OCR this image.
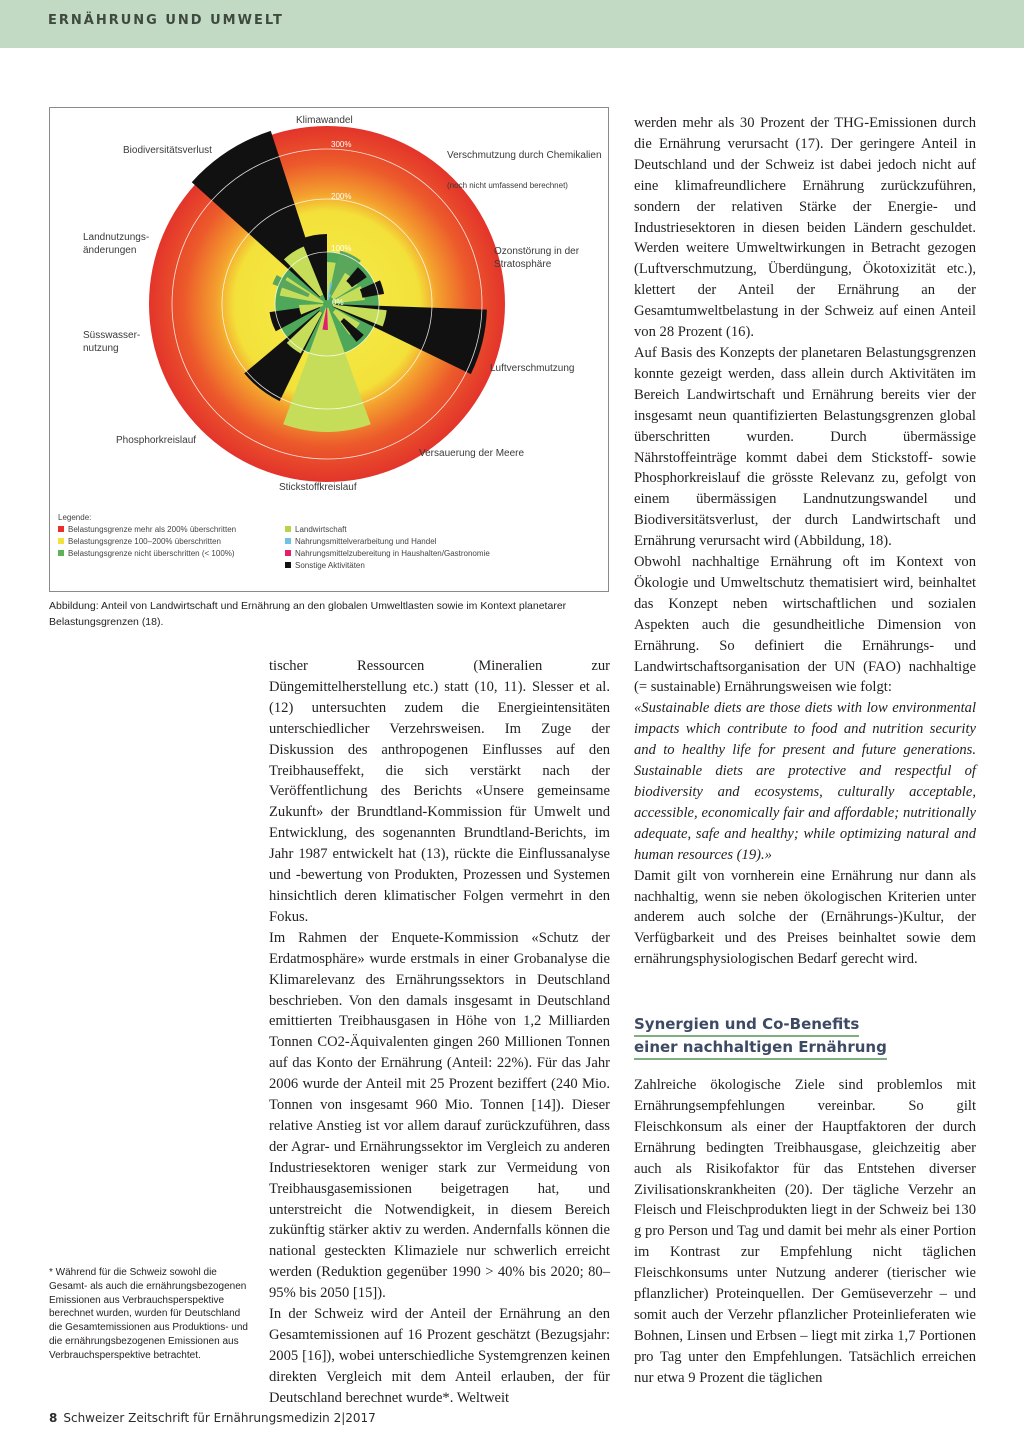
ERNÄHRUNG UND UMWELT
Klimawandel
Biodiversitätsverlust	Verschmutzung durch Chemikalien
(noch nicht umfassend berechnet)
Landnutzungs-änderungen	Ozonstörung in der Stratosphäre
Süsswasser-nutzung
Luftverschmutzung
Phosphorkreislauf
Versauerung der Meere
Stickstoffkreislauf
300%
200%
100%
0%
Legende:
Belastungsgrenze mehr als 200% überschritten
Belastungsgrenze 100–200% überschritten
Belastungsgrenze nicht überschritten (< 100%)
Landwirtschaft
Nahrungsmittelverarbeitung und Handel
Nahrungsmittelzubereitung in Haushalten/Gastronomie
Sonstige Aktivitäten
Abbildung: Anteil von Landwirtschaft und Ernährung an den globalen Umweltlasten sowie im Kontext planetarer Belastungsgrenzen (18).

tischer Ressourcen (Mineralien zur Düngemittelherstellung etc.) statt (10, 11). Slesser et al. (12) untersuchten zudem die Energieintensitäten unterschiedlicher Verzehrsweisen. Im Zuge der Diskussion des anthropogenen Einflusses auf den Treibhauseffekt, die sich verstärkt nach der Veröffentlichung des Berichts «Unsere gemeinsame Zukunft» der Brundtland-Kommission für Umwelt und Entwicklung, des sogenannten Brundtland-Berichts, im Jahr 1987 entwickelt hat (13), rückte die Einflussanalyse und -bewertung von Produkten, Prozessen und Systemen hinsichtlich deren klimatischer Folgen vermehrt in den Fokus.

Im Rahmen der Enquete-Kommission «Schutz der Erdatmosphäre» wurde erstmals in einer Grobanalyse die Klimarelevanz des Ernährungssektors in Deutschland beschrieben. Von den damals insgesamt in Deutschland emittierten Treibhausgasen in Höhe von 1,2 Milliarden Tonnen CO2-Äquivalenten gingen 260 Millionen Tonnen auf das Konto der Ernährung (Anteil: 22%). Für das Jahr 2006 wurde der Anteil mit 25 Prozent beziffert (240 Mio. Tonnen von insgesamt 960 Mio. Tonnen [14]). Dieser relative Anstieg ist vor allem darauf zurückzuführen, dass der Agrar- und Ernährungssektor im Vergleich zu anderen Industriesektoren weniger stark zur Vermeidung von Treibhausgasemissionen beigetragen hat, und unterstreicht die Notwendigkeit, in diesem Bereich zukünftig stärker aktiv zu werden. Andernfalls können die national gesteckten Klimaziele nur schwerlich erreicht werden (Reduktion gegenüber 1990 > 40% bis 2020; 80–95% bis 2050 [15]).

In der Schweiz wird der Anteil der Ernährung an den Gesamtemissionen auf 16 Prozent geschätzt (Bezugsjahr: 2005 [16]), wobei unterschiedliche Systemgrenzen keinen direkten Vergleich mit dem Anteil erlauben, der für Deutschland berechnet wurde*. Weltweit

werden mehr als 30 Prozent der THG-Emissionen durch die Ernährung verursacht (17). Der geringere Anteil in Deutschland und der Schweiz ist dabei jedoch nicht auf eine klimafreundlichere Ernährung zurückzuführen, sondern der relativen Stärke der Energie- und Industriesektoren in diesen beiden Ländern geschuldet. Werden weitere Umweltwirkungen in Betracht gezogen (Luftverschmutzung, Überdüngung, Ökotoxizität etc.), klettert der Anteil der Ernährung an der Gesamtumweltbelastung in der Schweiz auf einen Anteil von 28 Prozent (16).

Auf Basis des Konzepts der planetaren Belastungsgrenzen konnte gezeigt werden, dass allein durch Aktivitäten im Bereich Landwirtschaft und Ernährung bereits vier der insgesamt neun quantifizierten Belastungsgrenzen global überschritten wurden. Durch übermässige Nährstoffeinträge kommt dabei dem Stickstoff- sowie Phosphorkreislauf die grösste Relevanz zu, gefolgt von einem übermässigen Landnutzungswandel und Biodiversitätsverlust, der durch Landwirtschaft und Ernährung verursacht wird (Abbildung, 18).

Obwohl nachhaltige Ernährung oft im Kontext von Ökologie und Umweltschutz thematisiert wird, beinhaltet das Konzept neben wirtschaftlichen und sozialen Aspekten auch die gesundheitliche Dimension von Ernährung. So definiert die Ernährungs- und Landwirtschaftsorganisation der UN (FAO) nachhaltige (= sustainable) Ernährungsweisen wie folgt:

«Sustainable diets are those diets with low environmental impacts which contribute to food and nutrition security and to healthy life for present and future generations. Sustainable diets are protective and respectful of biodiversity and ecosystems, culturally acceptable, accessible, economically fair and affordable; nutritionally adequate, safe and healthy; while optimizing natural and human resources (19).»

Damit gilt von vornherein eine Ernährung nur dann als nachhaltig, wenn sie neben ökologischen Kriterien unter anderem auch solche der (Ernährungs-)Kultur, der Verfügbarkeit und des Preises beinhaltet sowie dem ernährungsphysiologischen Bedarf gerecht wird.

Synergien und Co-Benefits
einer nachhaltigen Ernährung

Zahlreiche ökologische Ziele sind problemlos mit Ernährungsempfehlungen vereinbar. So gilt Fleischkonsum als einer der Hauptfaktoren der durch Ernährung bedingten Treibhausgase, gleichzeitig aber auch als Risikofaktor für das Entstehen diverser Zivilisationskrankheiten (20). Der tägliche Verzehr an Fleisch und Fleischprodukten liegt in der Schweiz bei 130 g pro Person und Tag und damit bei mehr als einer Portion im Kontrast zur Empfehlung nicht täglichen Fleischkonsums unter Nutzung anderer (tierischer wie pflanzlicher) Proteinquellen. Der Gemüseverzehr – und somit auch der Verzehr pflanzlicher Proteinlieferaten wie Bohnen, Linsen und Erbsen – liegt mit zirka 1,7 Portionen pro Tag unter den Empfehlungen. Tatsächlich erreichen nur etwa 9 Prozent die täglichen

* Während für die Schweiz sowohl die Gesamt- als auch die ernährungsbezogenen Emissionen aus Verbrauchsperspektive berechnet wurden, wurden für Deutschland die Gesamtemissionen aus Produktions- und die ernährungsbezogenen Emissionen aus Verbrauchsperspektive betrachtet.
8 Schweizer Zeitschrift für Ernährungsmedizin 2|2017
